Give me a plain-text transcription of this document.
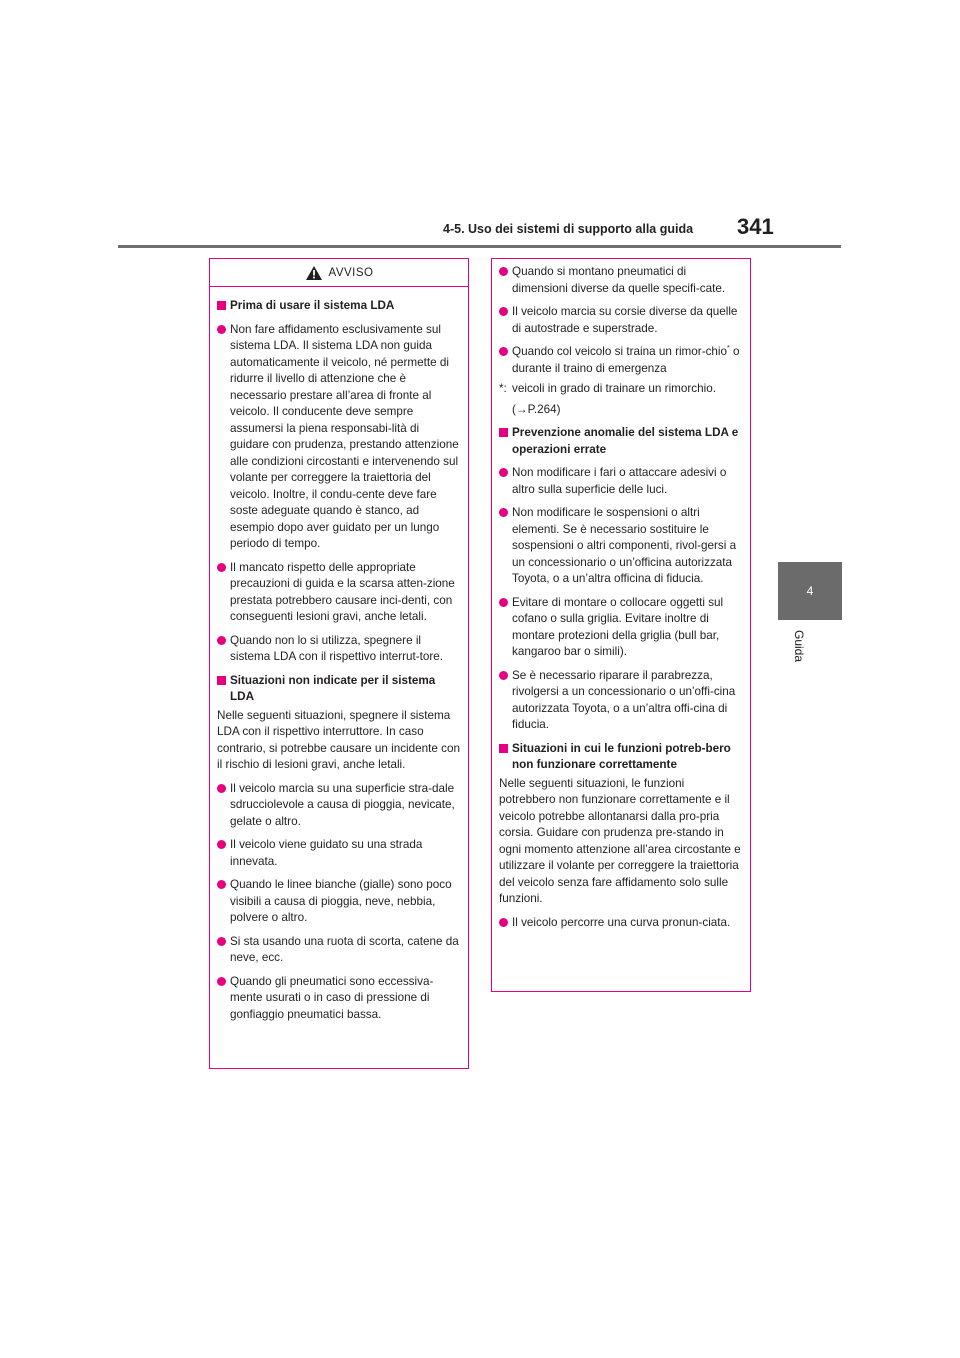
4-5. Uso dei sistemi di supporto alla guida 341
4
Guida
AVVISO
Prima di usare il sistema LDA
Non fare affidamento esclusivamente sul sistema LDA. Il sistema LDA non guida automaticamente il veicolo, né permette di ridurre il livello di attenzione che è necessario prestare all’area di fronte al veicolo. Il conducente deve sempre assumersi la piena responsabi-lità di guidare con prudenza, prestando attenzione alle condizioni circostanti e intervenendo sul volante per correggere la traiettoria del veicolo. Inoltre, il condu-cente deve fare soste adeguate quando è stanco, ad esempio dopo aver guidato per un lungo periodo di tempo.
Il mancato rispetto delle appropriate precauzioni di guida e la scarsa atten-zione prestata potrebbero causare inci-denti, con conseguenti lesioni gravi, anche letali.
Quando non lo si utilizza, spegnere il sistema LDA con il rispettivo interrut-tore.
Situazioni non indicate per il sistema LDA
Nelle seguenti situazioni, spegnere il sistema LDA con il rispettivo interruttore. In caso contrario, si potrebbe causare un incidente con il rischio di lesioni gravi, anche letali.
Il veicolo marcia su una superficie stra-dale sdrucciolevole a causa di pioggia, nevicate, gelate o altro.
Il veicolo viene guidato su una strada innevata.
Quando le linee bianche (gialle) sono poco visibili a causa di pioggia, neve, nebbia, polvere o altro.
Si sta usando una ruota di scorta, catene da neve, ecc.
Quando gli pneumatici sono eccessiva-mente usurati o in caso di pressione di gonfiaggio pneumatici bassa.
Quando si montano pneumatici di dimensioni diverse da quelle specifi-cate.
Il veicolo marcia su corsie diverse da quelle di autostrade e superstrade.
Quando col veicolo si traina un rimor-chio* o durante il traino di emergenza
*: veicoli in grado di trainare un rimorchio.
(→P.264)
Prevenzione anomalie del sistema LDA e operazioni errate
Non modificare i fari o attaccare adesivi o altro sulla superficie delle luci.
Non modificare le sospensioni o altri elementi. Se è necessario sostituire le sospensioni o altri componenti, rivol-gersi a un concessionario o un’officina autorizzata Toyota, o a un’altra officina di fiducia.
Evitare di montare o collocare oggetti sul cofano o sulla griglia. Evitare inoltre di montare protezioni della griglia (bull bar, kangaroo bar o simili).
Se è necessario riparare il parabrezza, rivolgersi a un concessionario o un’offi-cina autorizzata Toyota, o a un’altra offi-cina di fiducia.
Situazioni in cui le funzioni potreb-bero non funzionare correttamente
Nelle seguenti situazioni, le funzioni potrebbero non funzionare correttamente e il veicolo potrebbe allontanarsi dalla pro-pria corsia. Guidare con prudenza pre-stando in ogni momento attenzione all’area circostante e utilizzare il volante per correggere la traiettoria del veicolo senza fare affidamento solo sulle funzioni.
Il veicolo percorre una curva pronun-ciata.
